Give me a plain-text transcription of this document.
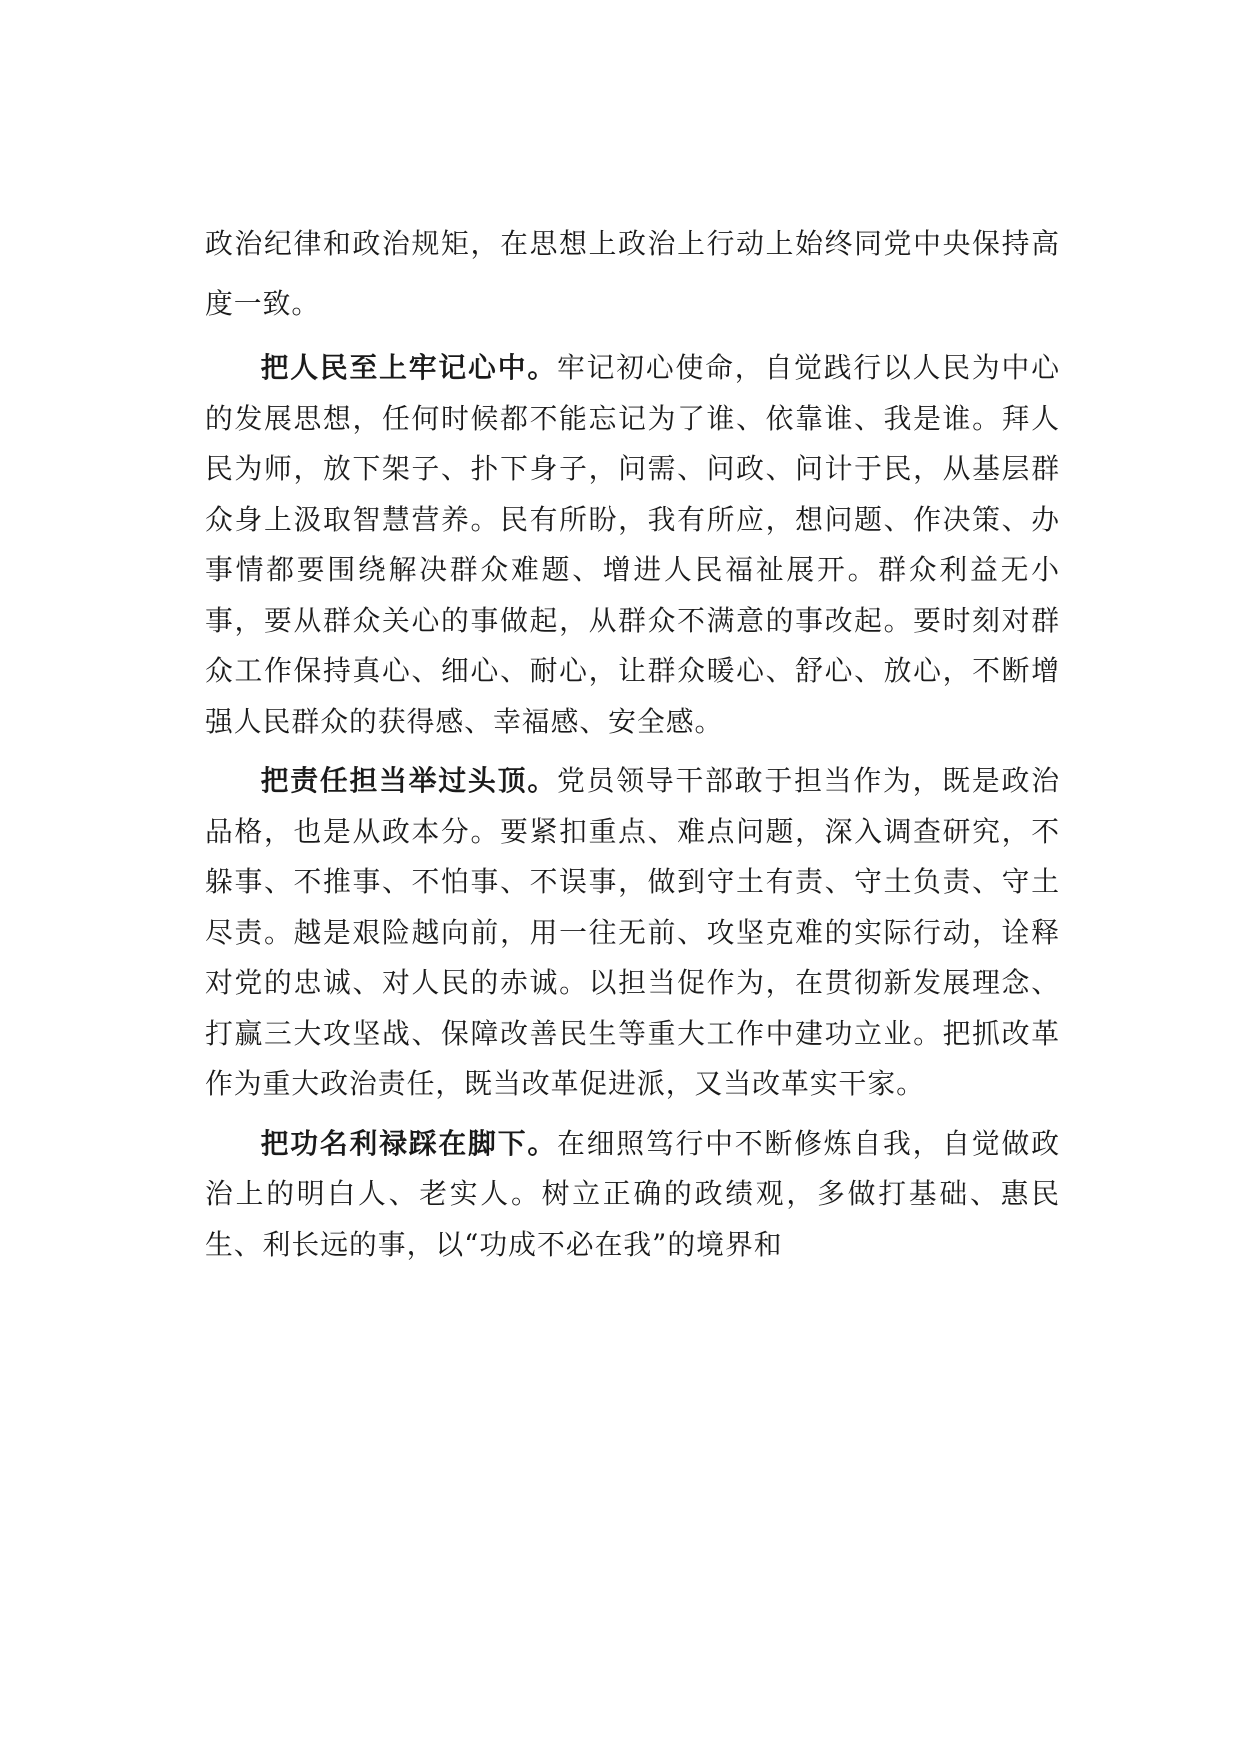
政治纪律和政治规矩，在思想上政治上行动上始终同党中央保持高度一致。

把人民至上牢记心中。牢记初心使命，自觉践行以人民为中心的发展思想，任何时候都不能忘记为了谁、依靠谁、我是谁。拜人民为师，放下架子、扑下身子，问需、问政、问计于民，从基层群众身上汲取智慧营养。民有所盼，我有所应，想问题、作决策、办事情都要围绕解决群众难题、增进人民福祉展开。群众利益无小事，要从群众关心的事做起，从群众不满意的事改起。要时刻对群众工作保持真心、细心、耐心，让群众暖心、舒心、放心，不断增强人民群众的获得感、幸福感、安全感。

把责任担当举过头顶。党员领导干部敢于担当作为，既是政治品格，也是从政本分。要紧扣重点、难点问题，深入调查研究，不躲事、不推事、不怕事、不误事，做到守土有责、守土负责、守土尽责。越是艰险越向前，用一往无前、攻坚克难的实际行动，诠释对党的忠诚、对人民的赤诚。以担当促作为，在贯彻新发展理念、打赢三大攻坚战、保障改善民生等重大工作中建功立业。把抓改革作为重大政治责任，既当改革促进派，又当改革实干家。

把功名利禄踩在脚下。在细照笃行中不断修炼自我，自觉做政治上的明白人、老实人。树立正确的政绩观，多做打基础、惠民生、利长远的事，以“功成不必在我”的境界和
